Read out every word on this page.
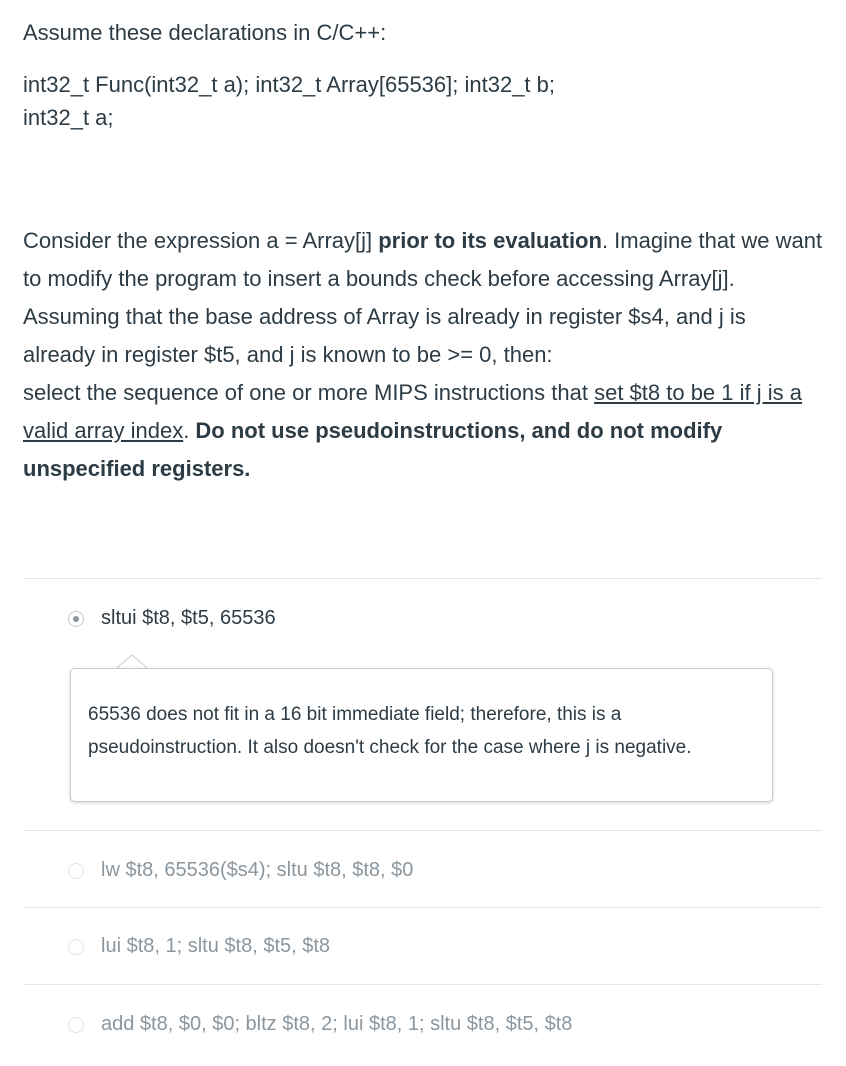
Assume these declarations in C/C++:

int32_t Func(int32_t a); int32_t Array[65536]; int32_t b;

int32_t a;

Consider the expression a = Array[j] prior to its evaluation. Imagine that we want to modify the program to insert a bounds check before accessing Array[j]. Assuming that the base address of Array is already in register $s4, and j is already in register $t5, and j is known to be >= 0, then:

select the sequence of one or more MIPS instructions that set $t8 to be 1 if j is a valid array index. Do not use pseudoinstructions, and do not modify unspecified registers.

sltui $t8, $t5, 65536
65536 does not fit in a 16 bit immediate field; therefore, this is a pseudoinstruction. It also doesn't check for the case where j is negative.
lw $t8, 65536($s4); sltu $t8, $t8, $0
lui $t8, 1; sltu $t8, $t5, $t8
add $t8, $0, $0; bltz $t8, 2; lui $t8, 1; sltu $t8, $t5, $t8
